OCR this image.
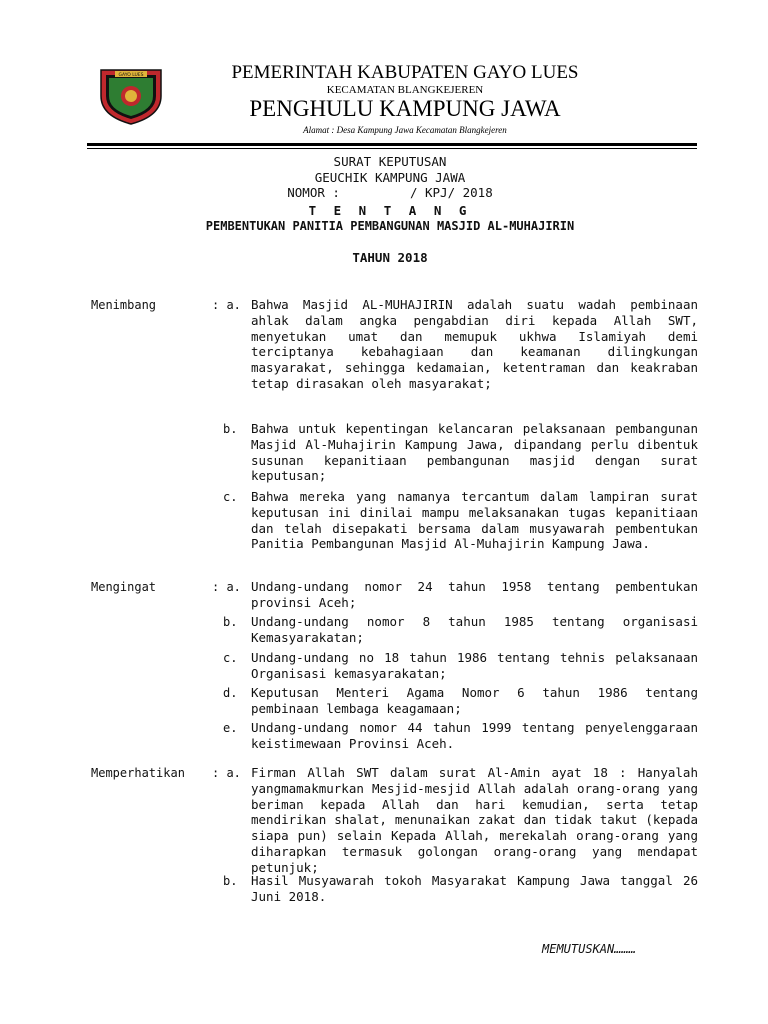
GAYO LUES	PEMERINTAH KABUPATEN GAYO LUES
KECAMATAN BLANGKEJEREN
PENGHULU KAMPUNG JAWA
Alamat : Desa Kampung Jawa Kecamatan Blangkejeren
SURAT KEPUTUSAN
GEUCHIK KAMPUNG JAWA
NOMOR :	/ KPJ/ 2018
T E N T A N G
PEMBENTUKAN PANITIA PEMBANGUNAN MASJID AL-MUHAJIRIN
TAHUN 2018
Menimbang	: a. Bahwa Masjid AL-MUHAJIRIN adalah suatu wadah pembinaan ahlak dalam angka pengabdian diri kepada Allah SWT, menyetukan umat dan memupuk ukhwa Islamiyah demi terciptanya kebahagiaan dan keamanan dilingkungan masyarakat, sehingga kedamaian, ketentraman dan keakraban tetap dirasakan oleh masyarakat;
b. Bahwa untuk kepentingan kelancaran pelaksanaan pembangunan Masjid Al-Muhajirin Kampung Jawa, dipandang perlu dibentuk susunan kepanitiaan pembangunan masjid dengan surat keputusan;
c. Bahwa mereka yang namanya tercantum dalam lampiran surat keputusan ini dinilai mampu melaksanakan tugas kepanitiaan dan telah disepakati bersama dalam musyawarah pembentukan Panitia Pembangunan Masjid Al-Muhajirin Kampung Jawa.
Mengingat	: a. Undang-undang nomor 24 tahun 1958 tentang pembentukan provinsi Aceh;
b. Undang-undang nomor 8 tahun 1985 tentang organisasi Kemasyarakatan;
c. Undang-undang no 18 tahun 1986 tentang tehnis pelaksanaan Organisasi kemasyarakatan;
d. Keputusan Menteri Agama Nomor 6 tahun 1986 tentang pembinaan lembaga keagamaan;
e. Undang-undang nomor 44 tahun 1999 tentang penyelenggaraan keistimewaan Provinsi Aceh.
Memperhatikan : a. Firman Allah SWT dalam surat Al-Amin ayat 18 : Hanyalah yangmamakmurkan Mesjid-mesjid Allah adalah orang-orang yang beriman kepada Allah dan hari kemudian, serta tetap mendirikan shalat, menunaikan zakat dan tidak takut (kepada siapa pun) selain Kepada Allah, merekalah orang-orang yang diharapkan termasuk golongan orang-orang yang mendapat petunjuk;
b. Hasil Musyawarah tokoh Masyarakat Kampung Jawa tanggal 26 Juni 2018.
MEMUTUSKAN………
